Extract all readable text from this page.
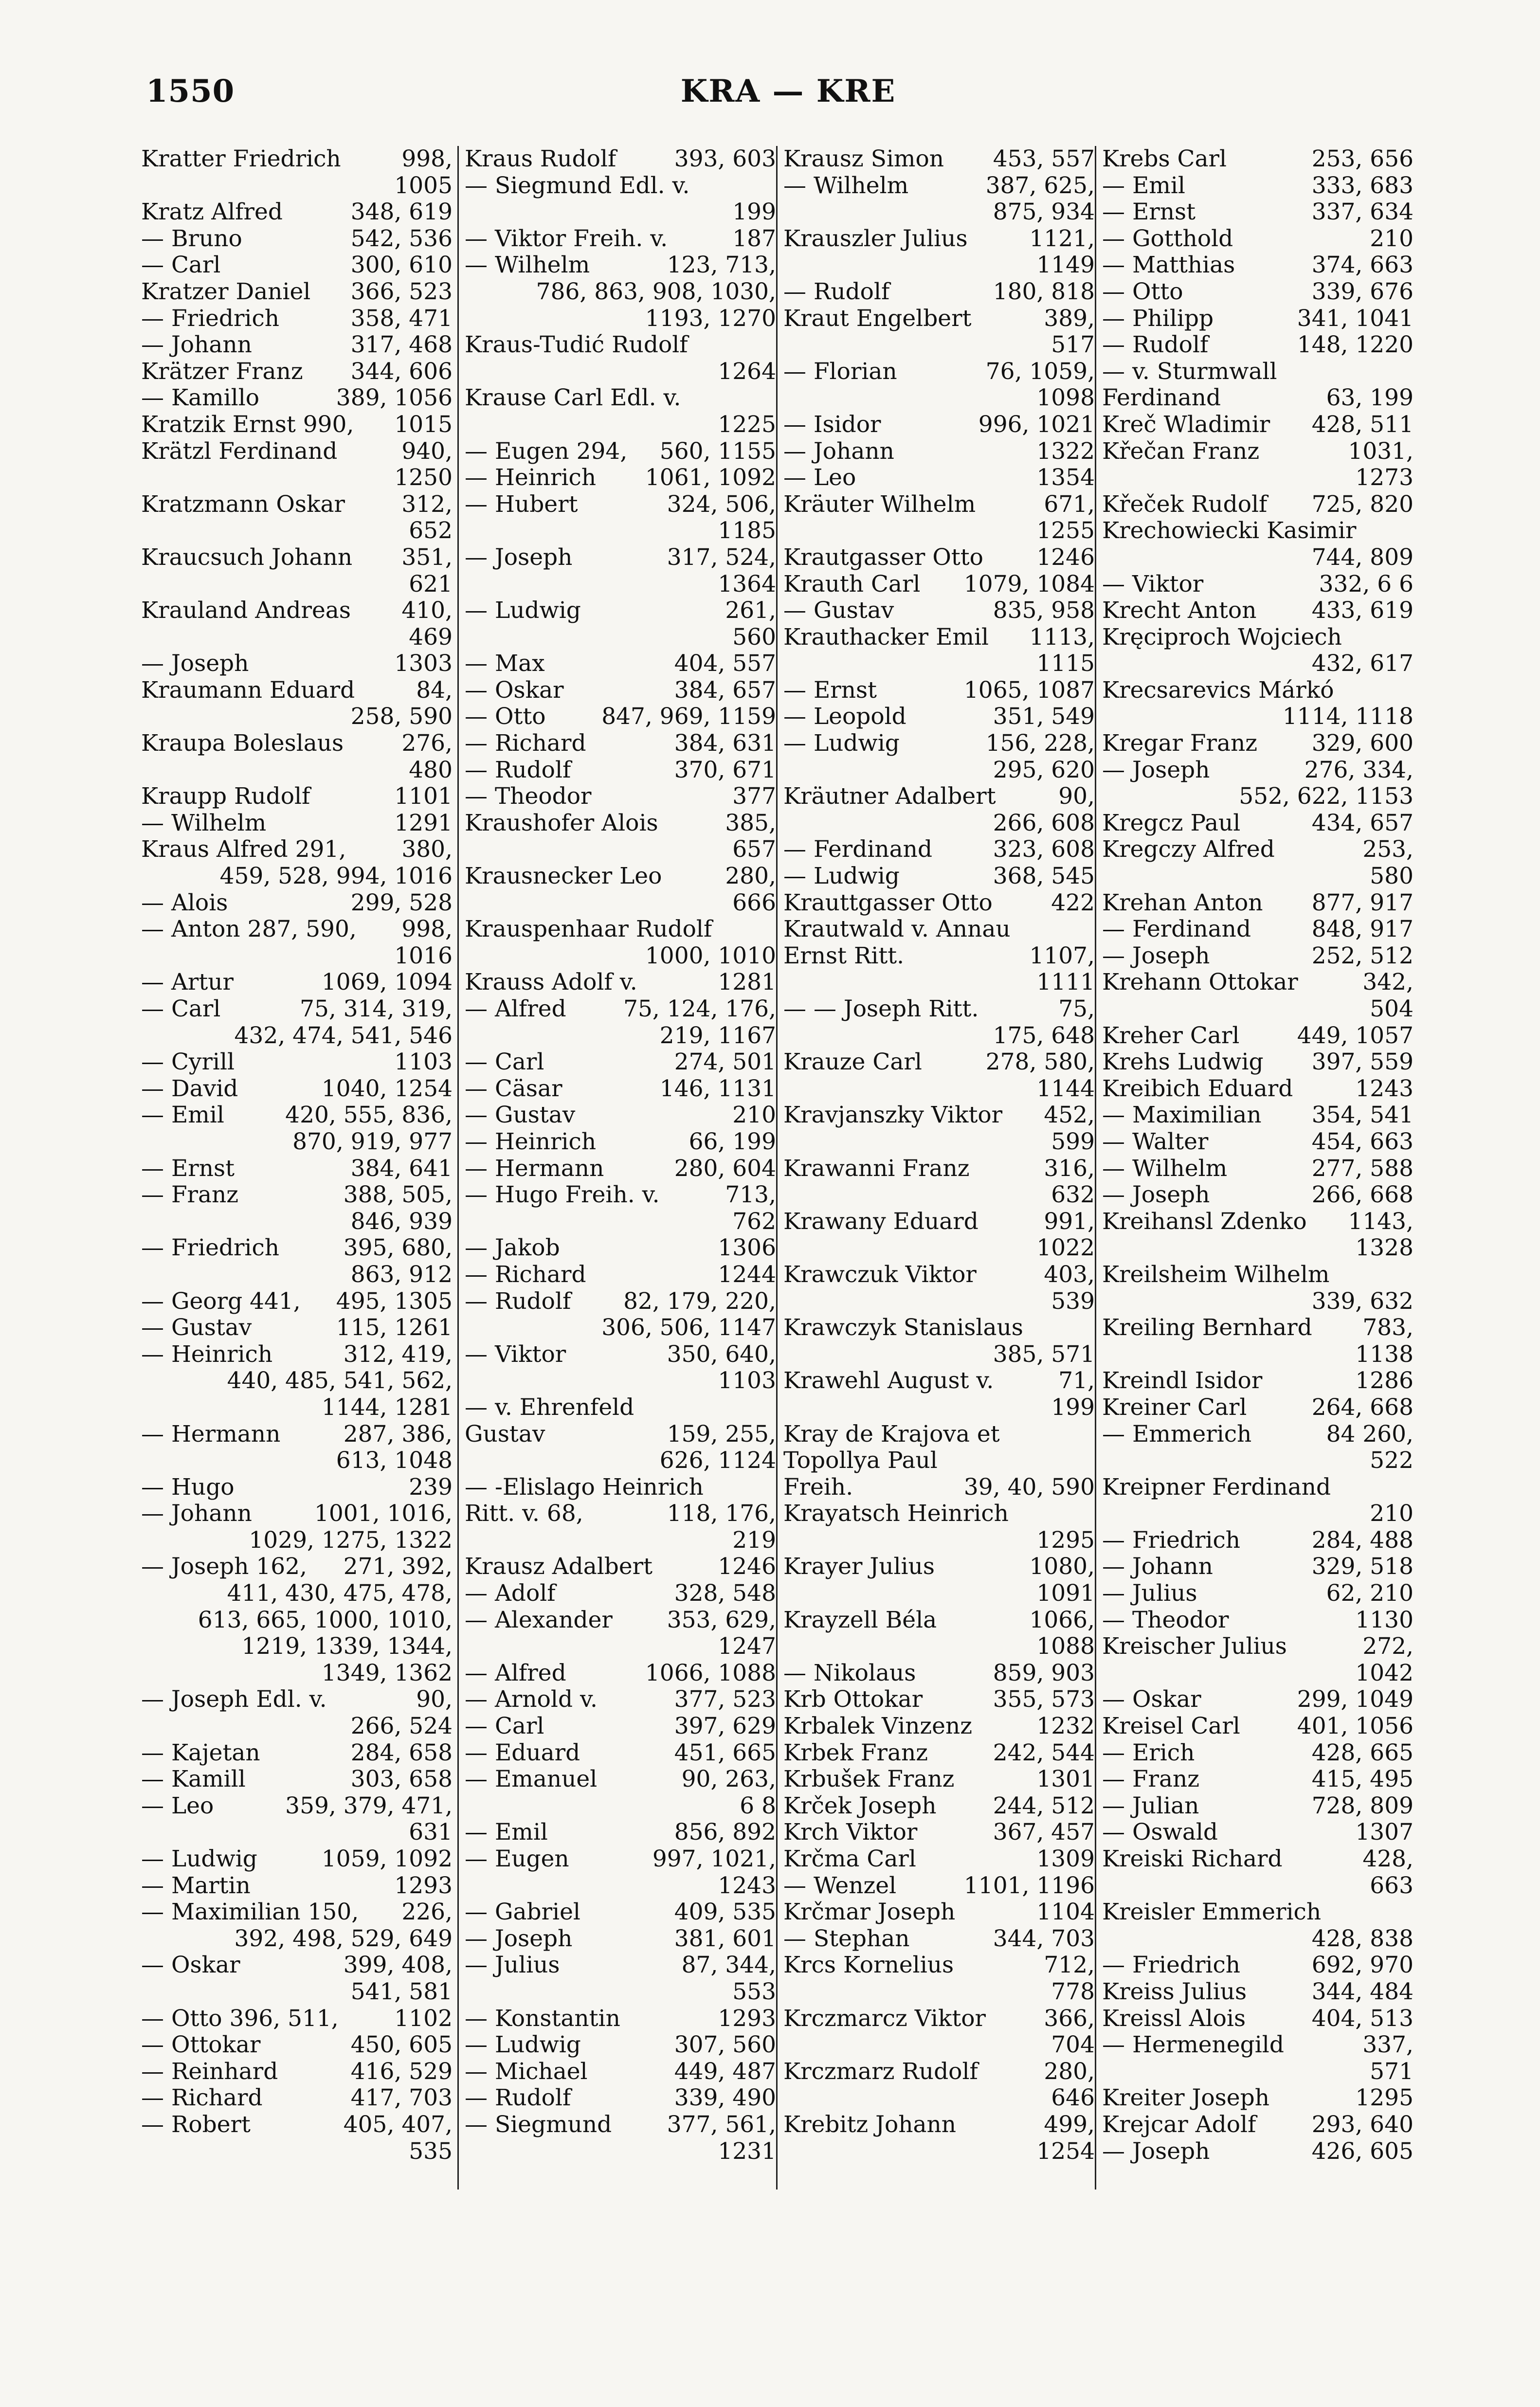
1550	KRA — KRE
Kratter Friedrich	998,
1005
Kratz Alfred	348, 619
— Bruno	542, 536
— Carl	300, 610
Kratzer Daniel 366, 523
— Friedrich	358, 471
— Johann	317, 468
Krätzer Franz 344, 606
— Kamillo	389, 1056
Kratzik Ernst 990, 1015
Krätzl Ferdinand	940,
1250
Kratzmann Oskar 312,
652
Kraucsuch Johann 351,
621
Krauland Andreas 410,
469
— Joseph	1303
Kraumann Eduard	84,
258, 590
Kraupa Boleslaus	276,
480
Kraupp Rudolf	1101
— Wilhelm	1291
Kraus Alfred 291, 380,
459, 528, 994, 1016
— Alois	299, 528
— Anton 287, 590, 998,
1016
— Artur	1069, 1094
— Carl	75, 314, 319,
432, 474, 541, 546
— Cyrill	1103
— David	1040, 1254
— Emil	420, 555, 836,
870, 919, 977
— Ernst	384, 641
— Franz	388, 505,
846, 939
— Friedrich	395, 680,
863, 912
— Georg 441, 495, 1305
— Gustav	115, 1261
— Heinrich	312, 419,
440, 485, 541, 562,
1144, 1281
— Hermann	287, 386,
613, 1048
— Hugo	239
— Johann	1001, 1016,
1029, 1275, 1322
— Joseph 162, 271, 392,
411, 430, 475, 478,
613, 665, 1000, 1010,
1219, 1339, 1344,
1349, 1362
— Joseph Edl. v.	90,
266, 524
— Kajetan	284, 658
— Kamill	303, 658
— Leo	359, 379, 471,
631
— Ludwig	1059, 1092
— Martin	1293
— Maximilian 150, 226,
392, 498, 529, 649
— Oskar	399, 408,
541, 581
— Otto 396, 511, 1102
— Ottokar	450, 605
— Reinhard	416, 529
— Richard	417, 703
— Robert	405, 407,
535
Kraus Rudolf	393, 603
— Siegmund Edl. v.
199
— Viktor Freih. v.	187
— Wilhelm	123, 713,
786, 863, 908, 1030,
1193, 1270
Kraus-Tudić Rudolf
1264
Krause Carl Edl. v.
1225
— Eugen 294, 560, 1155
— Heinrich 1061, 1092
— Hubert	324, 506,
1185
— Joseph	317, 524,
1364
— Ludwig	261,
560
— Max	404, 557
— Oskar	384, 657
— Otto 847, 969, 1159
— Richard	384, 631
— Rudolf	370, 671
— Theodor	377
Kraushofer Alois	385,
657
Krausnecker Leo	280,
666
Krauspenhaar Rudolf
1000, 1010
Krauss Adolf v.	1281
— Alfred 75, 124, 176,
219, 1167
— Carl	274, 501
— Cäsar	146, 1131
— Gustav	210
— Heinrich	66, 199
— Hermann	280, 604
— Hugo Freih. v.	713,
762
— Jakob	1306
— Richard	1244
— Rudolf 82, 179, 220,
306, 506, 1147
— Viktor	350, 640,
1103
— v. Ehrenfeld
Gustav	159, 255,
626, 1124
— -Elislago Heinrich
Ritt. v. 68,	118, 176,
219
Krausz Adalbert	1246
— Adolf	328, 548
— Alexander 353, 629,
1247
— Alfred	1066, 1088
— Arnold v.	377, 523
— Carl	397, 629
— Eduard	451, 665
— Emanuel	90, 263,
6 8
— Emil	856, 892
— Eugen	997, 1021,
1243
— Gabriel	409, 535
— Joseph	381, 601
— Julius	87, 344,
553
— Konstantin	1293
— Ludwig	307, 560
— Michael	449, 487
— Rudolf	339, 490
— Siegmund 377, 561,
1231
Krausz Simon 453, 557
— Wilhelm	387, 625,
875, 934
Krauszler Julius	1121,
1149
— Rudolf	180, 818
Kraut Engelbert	389,
517
— Florian	76, 1059,
1098
— Isidor	996, 1021
— Johann	1322
— Leo	1354
Kräuter Wilhelm	671,
1255
Krautgasser Otto 1246
Krauth Carl 1079, 1084
— Gustav	835, 958
Krauthacker Emil 1113,
1115
— Ernst	1065, 1087
— Leopold	351, 549
— Ludwig	156, 228,
295, 620
Kräutner Adalbert	90,
266, 608
— Ferdinand	323, 608
— Ludwig	368, 545
Krauttgasser Otto	422
Krautwald v. Annau
Ernst Ritt.	1107,
1111
— — Joseph Ritt.	75,
175, 648
Krauze Carl	278, 580,
1144
Kravjanszky Viktor 452,
599
Krawanni Franz	316,
632
Krawany Eduard	991,
1022
Krawczuk Viktor	403,
539
Krawczyk Stanislaus
385, 571
Krawehl August v.	71,
199
Kray de Krajova et
Topollya Paul
Freih.	39, 40, 590
Krayatsch Heinrich
1295
Krayer Julius	1080,
1091
Krayzell Béla	1066,
1088
— Nikolaus	859, 903
Krb Ottokar	355, 573
Krbalek Vinzenz	1232
Krbek Franz	242, 544
Krbušek Franz	1301
Krček Joseph 244, 512
Krch Viktor	367, 457
Krčma Carl	1309
— Wenzel	1101, 1196
Krčmar Joseph	1104
— Stephan	344, 703
Krcs Kornelius	712,
778
Krczmarcz Viktor	366,
704
Krczmarz Rudolf	280,
646
Krebitz Johann	499,
1254
Krebs Carl	253, 656
— Emil	333, 683
— Ernst	337, 634
— Gotthold	210
— Matthias	374, 663
— Otto	339, 676
— Philipp	341, 1041
— Rudolf	148, 1220
— v. Sturmwall
Ferdinand	63, 199
Kreč Wladimir 428, 511
Křečan Franz	1031,
1273
Křeček Rudolf 725, 820
Krechowiecki Kasimir
744, 809
— Viktor	332, 6 6
Krecht Anton 433, 619
Kręciproch Wojciech
432, 617
Krecsarevics Márkó
1114, 1118
Kregar Franz 329, 600
— Joseph	276, 334,
552, 622, 1153
Kregcz Paul	434, 657
Kregczy Alfred	253,
580
Krehan Anton 877, 917
— Ferdinand	848, 917
— Joseph	252, 512
Krehann Ottokar	342,
504
Kreher Carl	449, 1057
Krehs Ludwig 397, 559
Kreibich Eduard	1243
— Maximilian 354, 541
— Walter	454, 663
— Wilhelm	277, 588
— Joseph	266, 668
Kreihansl Zdenko 1143,
1328
Kreilsheim Wilhelm
339, 632
Kreiling Bernhard 783,
1138
Kreindl Isidor	1286
Kreiner Carl	264, 668
— Emmerich	84 260,
522
Kreipner Ferdinand
210
— Friedrich	284, 488
— Johann	329, 518
— Julius	62, 210
— Theodor	1130
Kreischer Julius	272,
1042
— Oskar	299, 1049
Kreisel Carl 401, 1056
— Erich	428, 665
— Franz	415, 495
— Julian	728, 809
— Oswald	1307
Kreiski Richard	428,
663
Kreisler Emmerich
428, 838
— Friedrich	692, 970
Kreiss Julius	344, 484
Kreissl Alois	404, 513
— Hermenegild	337,
571
Kreiter Joseph	1295
Krejcar Adolf 293, 640
— Joseph	426, 605
